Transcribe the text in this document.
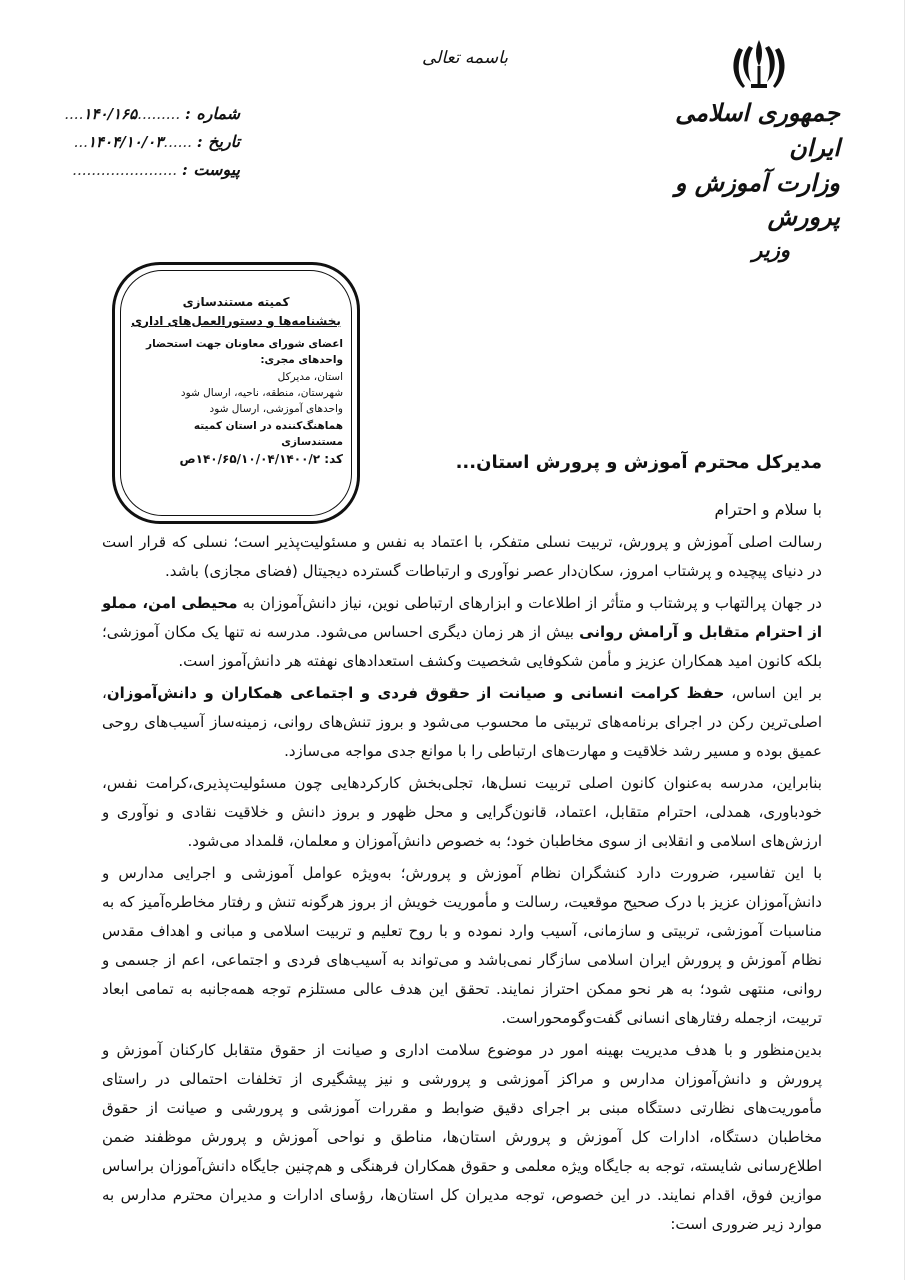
باسمه تعالی
جمهوری اسلامی ایران
وزارت آموزش و پرورش
وزیر
شماره : .........۱۴۰/۱۶۵....
تاریخ : ......۱۴۰۴/۱۰/۰۳...
پیوست : ......................
کمیته مستندسازی
بخشنامه‌ها و دستورالعمل‌های اداری
اعضای شورای معاونان جهت استحضار
واحدهای مجری:
استان، مدیرکل
شهرستان، منطقه، ناحیه، ارسال شود
واحدهای آموزشی، ارسال شود
هماهنگ‌کننده در استان کمیته مستندسازی
کد: ۱۴۰/۶۵/۱۰/۰۴/۱۴۰۰/۲ص	مدیرکل محترم آموزش و پرورش استان...
با سلام و احترام

رسالت اصلی آموزش و پرورش، تربیت نسلی متفکر، با اعتماد به نفس و مسئولیت‌پذیر است؛ نسلی که قرار است در دنیای پیچیده و پرشتاب امروز، سکان‌دار عصر نوآوری و ارتباطات گسترده دیجیتال (فضای مجازی) باشد.

در جهان پرالتهاب و پرشتاب و متأثر از اطلاعات و ابزارهای ارتباطی نوین، نیاز دانش‌آموزان به محیطی امن، مملو از احترام متقابل و آرامش روانی بیش از هر زمان دیگری احساس می‌شود. مدرسه نه تنها یک مکان آموزشی؛ بلکه کانون امید همکاران عزیز و مأمن شکوفایی شخصیت وکشف استعدادهای نهفته هر دانش‌آموز است.

بر این اساس، حفظ کرامت انسانی و صیانت از حقوق فردی و اجتماعی همکاران و دانش‌آموزان، اصلی‌ترین رکن در اجرای برنامه‌های تربیتی ما محسوب می‌شود و بروز تنش‌های روانی، زمینه‌ساز آسیب‌های روحی عمیق بوده و مسیر رشد خلاقیت و مهارت‌های ارتباطی را با موانع جدی مواجه می‌سازد.

بنابراین، مدرسه به‌عنوان کانون اصلی تربیت نسل‌ها، تجلی‌بخش کارکردهایی چون مسئولیت‌پذیری،کرامت نفس، خودباوری، همدلی، احترام متقابل، اعتماد، قانون‌گرایی و محل ظهور و بروز دانش و خلاقیت نقادی و نوآوری و ارزش‌های اسلامی و انقلابی از سوی مخاطبان خود؛ به خصوص دانش‌آموزان و معلمان، قلمداد می‌شود.

با این تفاسیر، ضرورت دارد کنشگران نظام آموزش و پرورش؛ به‌ویژه عوامل آموزشی و اجرایی مدارس و دانش‌آموزان عزیز با درک صحیح موقعیت، رسالت و مأموریت خویش از بروز هرگونه تنش و رفتار مخاطره‌آمیز که به مناسبات آموزشی، تربیتی و سازمانی، آسیب وارد نموده و با روح تعلیم و تربیت اسلامی و مبانی و اهداف مقدس نظام آموزش و پرورش ایران اسلامی سازگار نمی‌باشد و می‌تواند به آسیب‌های فردی و اجتماعی، اعم از جسمی و روانی، منتهی شود؛ به هر نحو ممکن احتراز نمایند. تحقق این هدف عالی مستلزم توجه همه‌جانبه به تمامی ابعاد تربیت، ازجمله رفتارهای انسانی گفت‌وگومحوراست.

بدین‌منظور و با هدف مدیریت بهینه امور در موضوع سلامت اداری و صیانت از حقوق متقابل کارکنان آموزش و پرورش و دانش‌آموزان مدارس و مراکز آموزشی و پرورشی و نیز پیشگیری از تخلفات احتمالی در راستای مأموریت‌های نظارتی دستگاه مبنی بر اجرای دقیق ضوابط و مقررات آموزشی و پرورشی و صیانت از حقوق مخاطبان دستگاه، ادارات کل آموزش و پرورش استان‌ها، مناطق و نواحی آموزش و پرورش موظفند ضمن اطلاع‌رسانی شایسته، توجه به جایگاه ویژه معلمی و حقوق همکاران فرهنگی و هم‌چنین جایگاه دانش‌آموزان براساس موازین فوق، اقدام نمایند. در این خصوص، توجه مدیران کل استان‌ها، رؤسای ادارات و مدیران محترم مدارس به موارد زیر ضروری است:
